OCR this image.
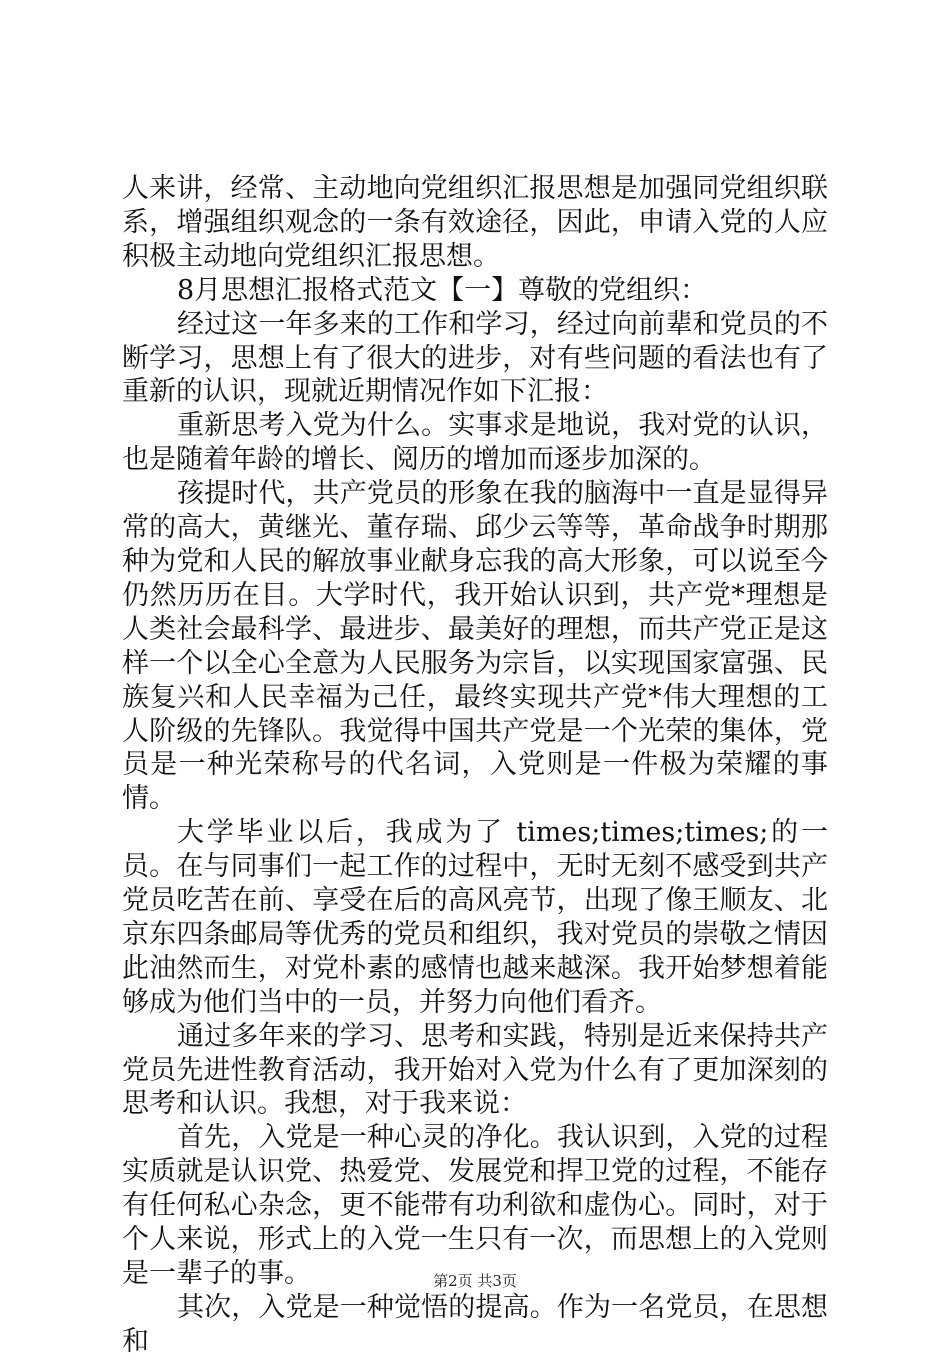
人来讲，经常、主动地向党组织汇报思想是加强同党组织联系，增强组织观念的一条有效途径，因此，申请入党的人应积极主动地向党组织汇报思想。

8月思想汇报格式范文【一】尊敬的党组织：

经过这一年多来的工作和学习，经过向前辈和党员的不断学习，思想上有了很大的进步，对有些问题的看法也有了重新的认识，现就近期情况作如下汇报：

重新思考入党为什么。实事求是地说，我对党的认识，也是随着年龄的增长、阅历的增加而逐步加深的。

孩提时代，共产党员的形象在我的脑海中一直是显得异常的高大，黄继光、董存瑞、邱少云等等，革命战争时期那种为党和人民的解放事业献身忘我的高大形象，可以说至今仍然历历在目。大学时代，我开始认识到，共产党*理想是人类社会最科学、最进步、最美好的理想，而共产党正是这样一个以全心全意为人民服务为宗旨，以实现国家富强、民族复兴和人民幸福为己任，最终实现共产党*伟大理想的工人阶级的先锋队。我觉得中国共产党是一个光荣的集体，党员是一种光荣称号的代名词，入党则是一件极为荣耀的事情。

大学毕业以后，我成为了 times;times;times;的一员。在与同事们一起工作的过程中，无时无刻不感受到共产党员吃苦在前、享受在后的高风亮节，出现了像王顺友、北京东四条邮局等优秀的党员和组织，我对党员的崇敬之情因此油然而生，对党朴素的感情也越来越深。我开始梦想着能够成为他们当中的一员，并努力向他们看齐。

通过多年来的学习、思考和实践，特别是近来保持共产党员先进性教育活动，我开始对入党为什么有了更加深刻的思考和认识。我想，对于我来说：

首先，入党是一种心灵的净化。我认识到，入党的过程实质就是认识党、热爱党、发展党和捍卫党的过程，不能存有任何私心杂念，更不能带有功利欲和虚伪心。同时，对于个人来说，形式上的入党一生只有一次，而思想上的入党则是一辈子的事。

其次，入党是一种觉悟的提高。作为一名党员，在思想和

第2页 共3页
